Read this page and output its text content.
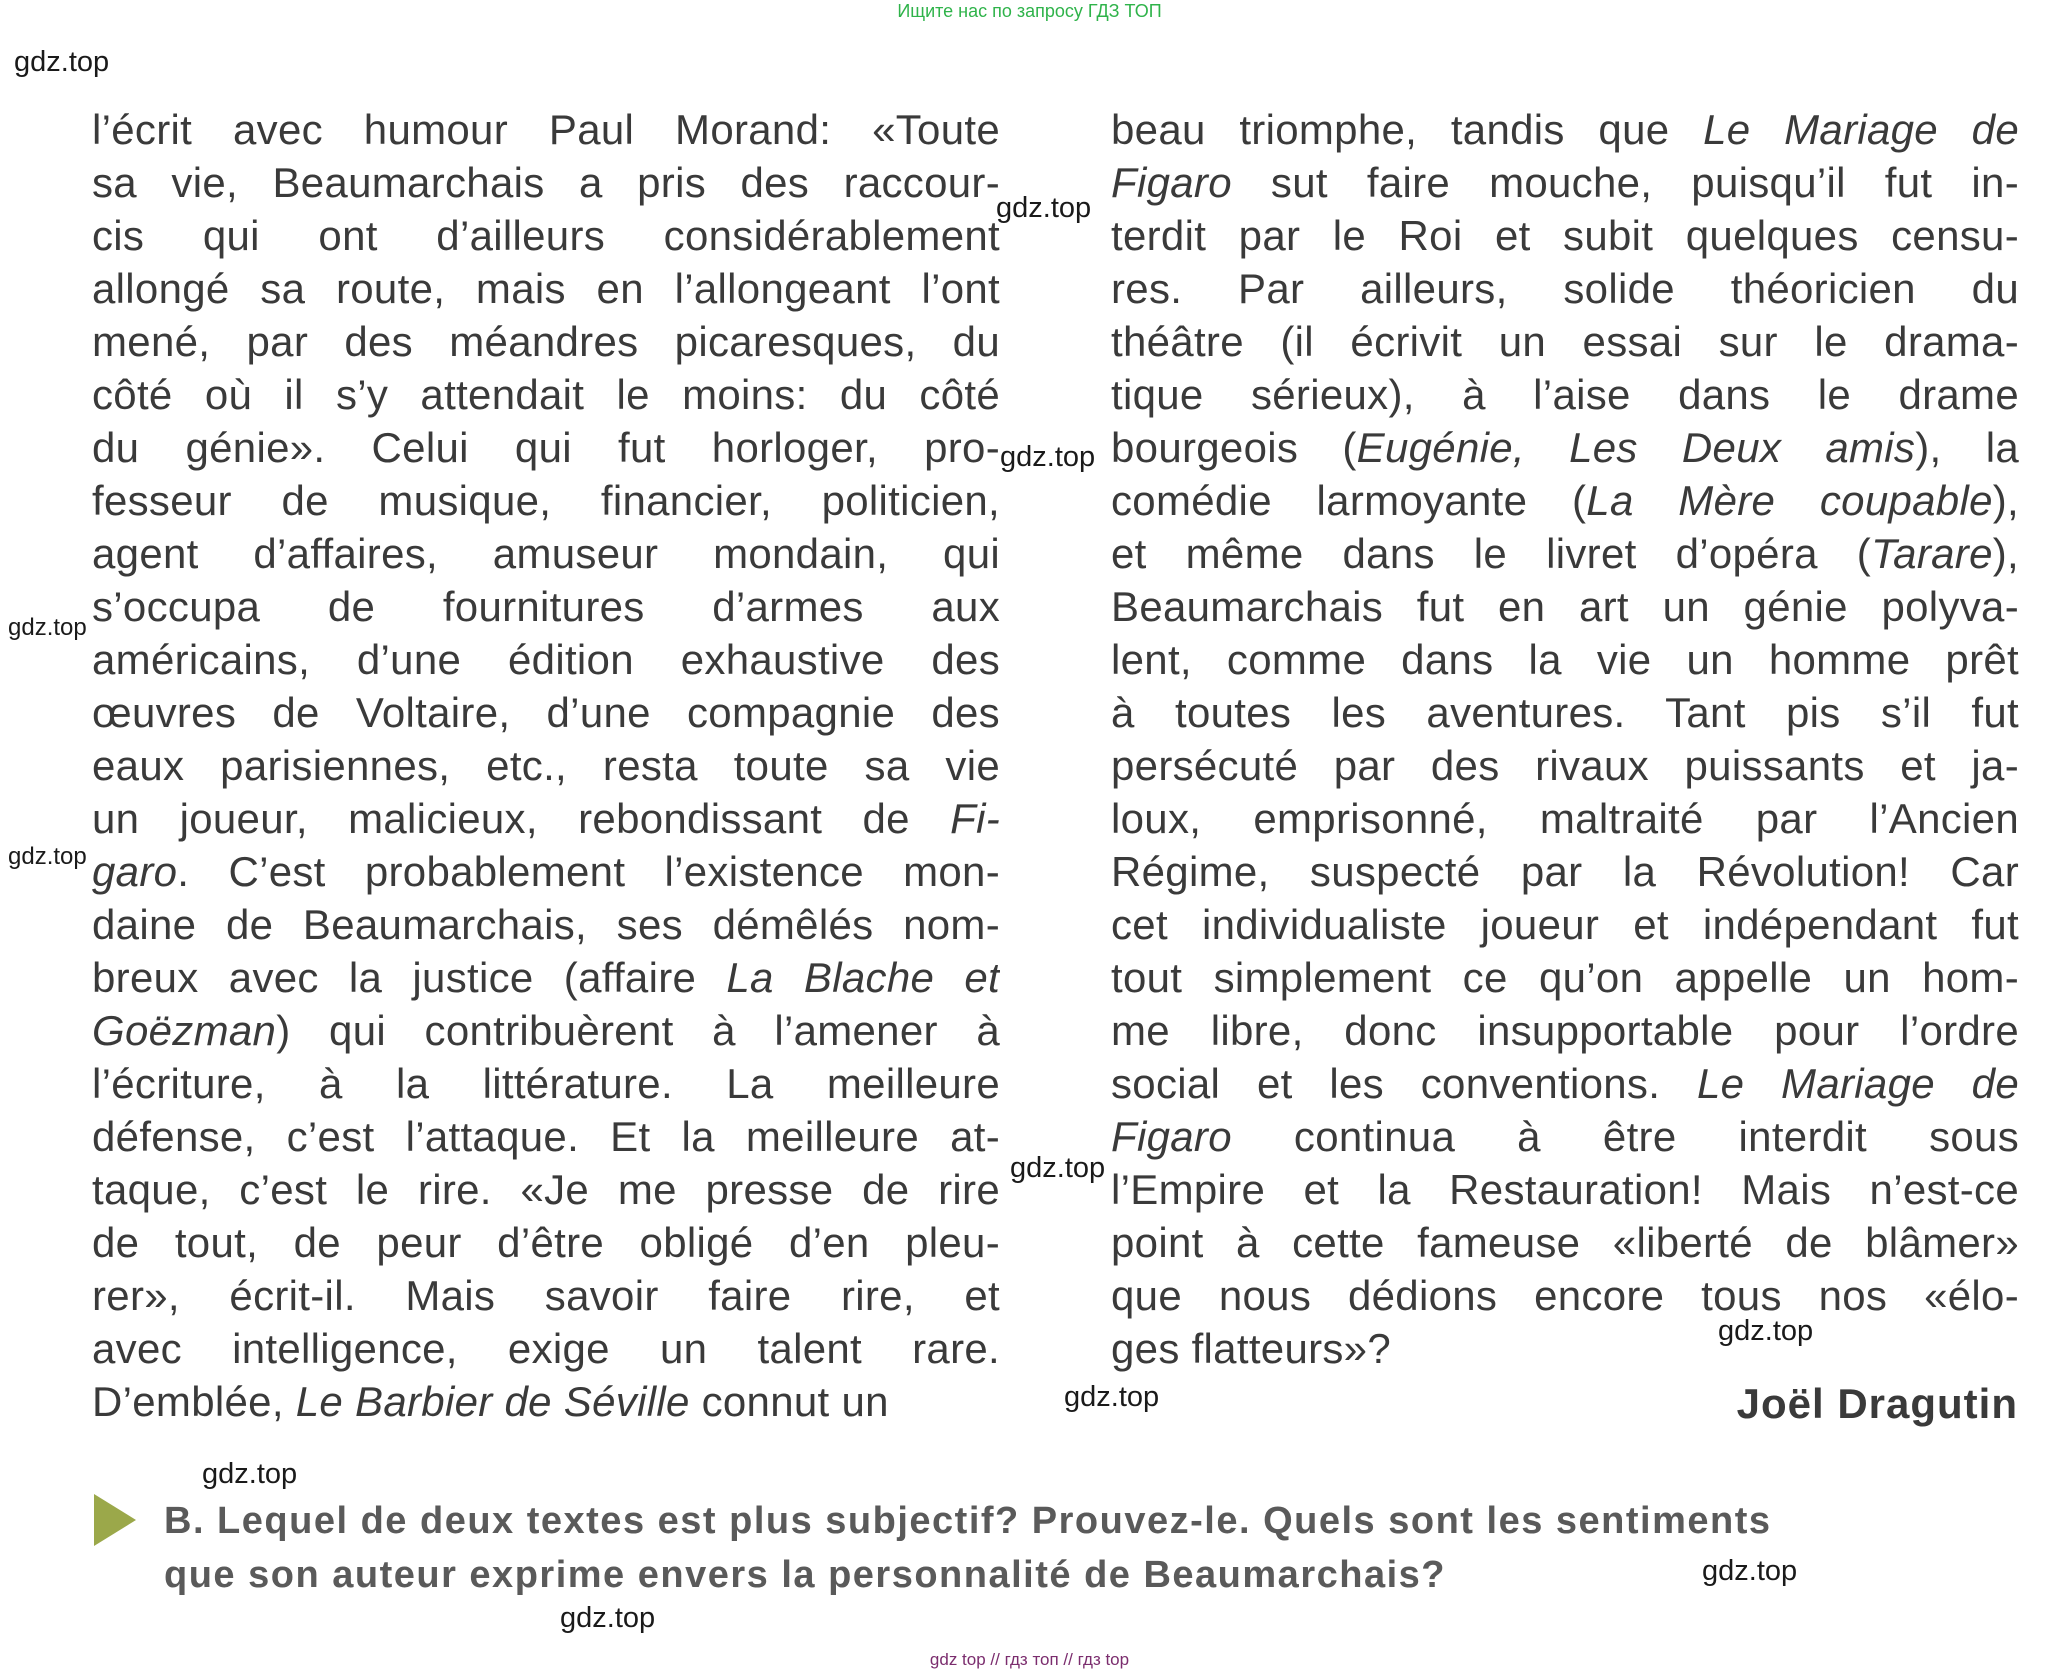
Ищите нас по запросу ГДЗ ТОП
gdz.top
gdz.top
gdz.top
gdz.top
gdz.top
gdz.top
gdz.top
gdz.top
gdz.top
gdz.top
gdz.top
l’écrit avec humour Paul Morand: «Toute
sa vie, Beaumarchais a pris des raccour-
cis qui ont d’ailleurs considérablement
allongé sa route, mais en l’allongeant l’ont
mené, par des méandres picaresques, du
côté où il s’y attendait le moins: du côté
du génie». Celui qui fut horloger, pro-
fesseur de musique, financier, politicien,
agent d’affaires, amuseur mondain, qui
s’occupa de fournitures d’armes aux
américains, d’une édition exhaustive des
œuvres de Voltaire, d’une compagnie des
eaux parisiennes, etc., resta toute sa vie
un joueur, malicieux, rebondissant de Fi-
garo. C’est probablement l’existence mon-
daine de Beaumarchais, ses démêlés nom-
breux avec la justice (affaire La Blache et
Goëzman) qui contribuèrent à l’amener à
l’écriture, à la littérature. La meilleure
défense, c’est l’attaque. Et la meilleure at-
taque, c’est le rire. «Je me presse de rire
de tout, de peur d’être obligé d’en pleu-
rer», écrit-il. Mais savoir faire rire, et
avec intelligence, exige un talent rare.
D’emblée, Le Barbier de Séville connut un
beau triomphe, tandis que Le Mariage de
Figaro sut faire mouche, puisqu’il fut in-
terdit par le Roi et subit quelques censu-
res. Par ailleurs, solide théoricien du
théâtre (il écrivit un essai sur le drama-
tique sérieux), à l’aise dans le drame
bourgeois (Eugénie, Les Deux amis), la
comédie larmoyante (La Mère coupable),
et même dans le livret d’opéra (Tarare),
Beaumarchais fut en art un génie polyva-
lent, comme dans la vie un homme prêt
à toutes les aventures. Tant pis s’il fut
persécuté par des rivaux puissants et ja-
loux, emprisonné, maltraité par l’Ancien
Régime, suspecté par la Révolution! Car
cet individualiste joueur et indépendant fut
tout simplement ce qu’on appelle un hom-
me libre, donc insupportable pour l’ordre
social et les conventions. Le Mariage de
Figaro continua à être interdit sous
l’Empire et la Restauration! Mais n’est-ce
point à cette fameuse «liberté de blâmer»
que nous dédions encore tous nos «élo-
ges flatteurs»?
Joël Dragutin
B. Lequel de deux textes est plus subjectif? Prouvez-le. Quels sont les sentiments
que son auteur exprime envers la personnalité de Beaumarchais?
gdz top // гдз топ // гдз top
